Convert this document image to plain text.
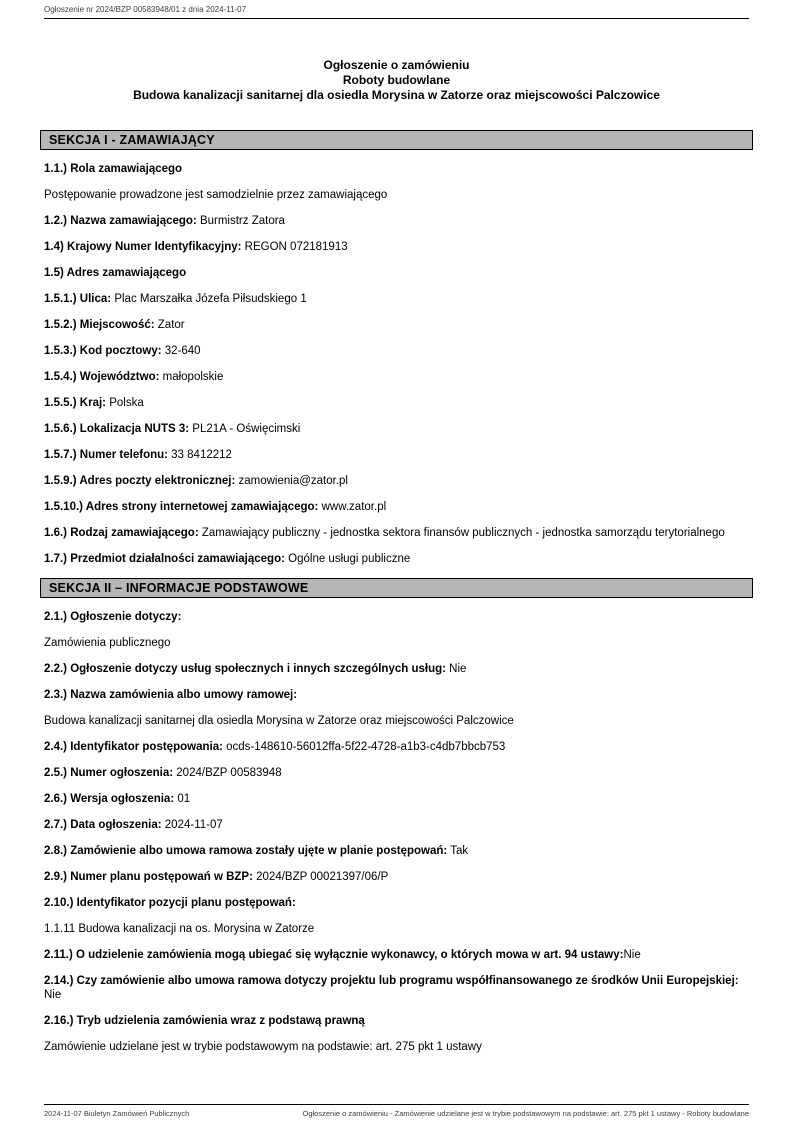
Ogłoszenie nr 2024/BZP 00583948/01 z dnia 2024-11-07
Ogłoszenie o zamówieniu
Roboty budowlane
Budowa kanalizacji sanitarnej dla osiedla Morysina w Zatorze oraz miejscowości Palczowice
SEKCJA I - ZAMAWIAJĄCY

1.1.) Rola zamawiającego

Postępowanie prowadzone jest samodzielnie przez zamawiającego

1.2.) Nazwa zamawiającego: Burmistrz Zatora

1.4) Krajowy Numer Identyfikacyjny: REGON 072181913

1.5) Adres zamawiającego

1.5.1.) Ulica: Plac Marszałka Józefa Piłsudskiego 1

1.5.2.) Miejscowość: Zator

1.5.3.) Kod pocztowy: 32-640

1.5.4.) Województwo: małopolskie

1.5.5.) Kraj: Polska

1.5.6.) Lokalizacja NUTS 3: PL21A - Oświęcimski

1.5.7.) Numer telefonu: 33 8412212

1.5.9.) Adres poczty elektronicznej: zamowienia@zator.pl

1.5.10.) Adres strony internetowej zamawiającego: www.zator.pl

1.6.) Rodzaj zamawiającego: Zamawiający publiczny - jednostka sektora finansów publicznych - jednostka samorządu terytorialnego

1.7.) Przedmiot działalności zamawiającego: Ogólne usługi publiczne

SEKCJA II – INFORMACJE PODSTAWOWE

2.1.) Ogłoszenie dotyczy:

Zamówienia publicznego

2.2.) Ogłoszenie dotyczy usług społecznych i innych szczególnych usług: Nie

2.3.) Nazwa zamówienia albo umowy ramowej:

Budowa kanalizacji sanitarnej dla osiedla Morysina w Zatorze oraz miejscowości Palczowice

2.4.) Identyfikator postępowania: ocds-148610-56012ffa-5f22-4728-a1b3-c4db7bbcb753

2.5.) Numer ogłoszenia: 2024/BZP 00583948

2.6.) Wersja ogłoszenia: 01

2.7.) Data ogłoszenia: 2024-11-07

2.8.) Zamówienie albo umowa ramowa zostały ujęte w planie postępowań: Tak

2.9.) Numer planu postępowań w BZP: 2024/BZP 00021397/06/P

2.10.) Identyfikator pozycji planu postępowań:

1.1.11 Budowa kanalizacji na os. Morysina w Zatorze

2.11.) O udzielenie zamówienia mogą ubiegać się wyłącznie wykonawcy, o których mowa w art. 94 ustawy:Nie

2.14.) Czy zamówienie albo umowa ramowa dotyczy projektu lub programu współfinansowanego ze środków Unii Europejskiej: Nie

2.16.) Tryb udzielenia zamówienia wraz z podstawą prawną

Zamówienie udzielane jest w trybie podstawowym na podstawie: art. 275 pkt 1 ustawy

2024-11-07 Biuletyn Zamówień Publicznych	Ogłoszenie o zamówieniu - Zamówienie udzielane jest w trybie podstawowym na podstawie: art. 275 pkt 1 ustawy - Roboty budowlane
